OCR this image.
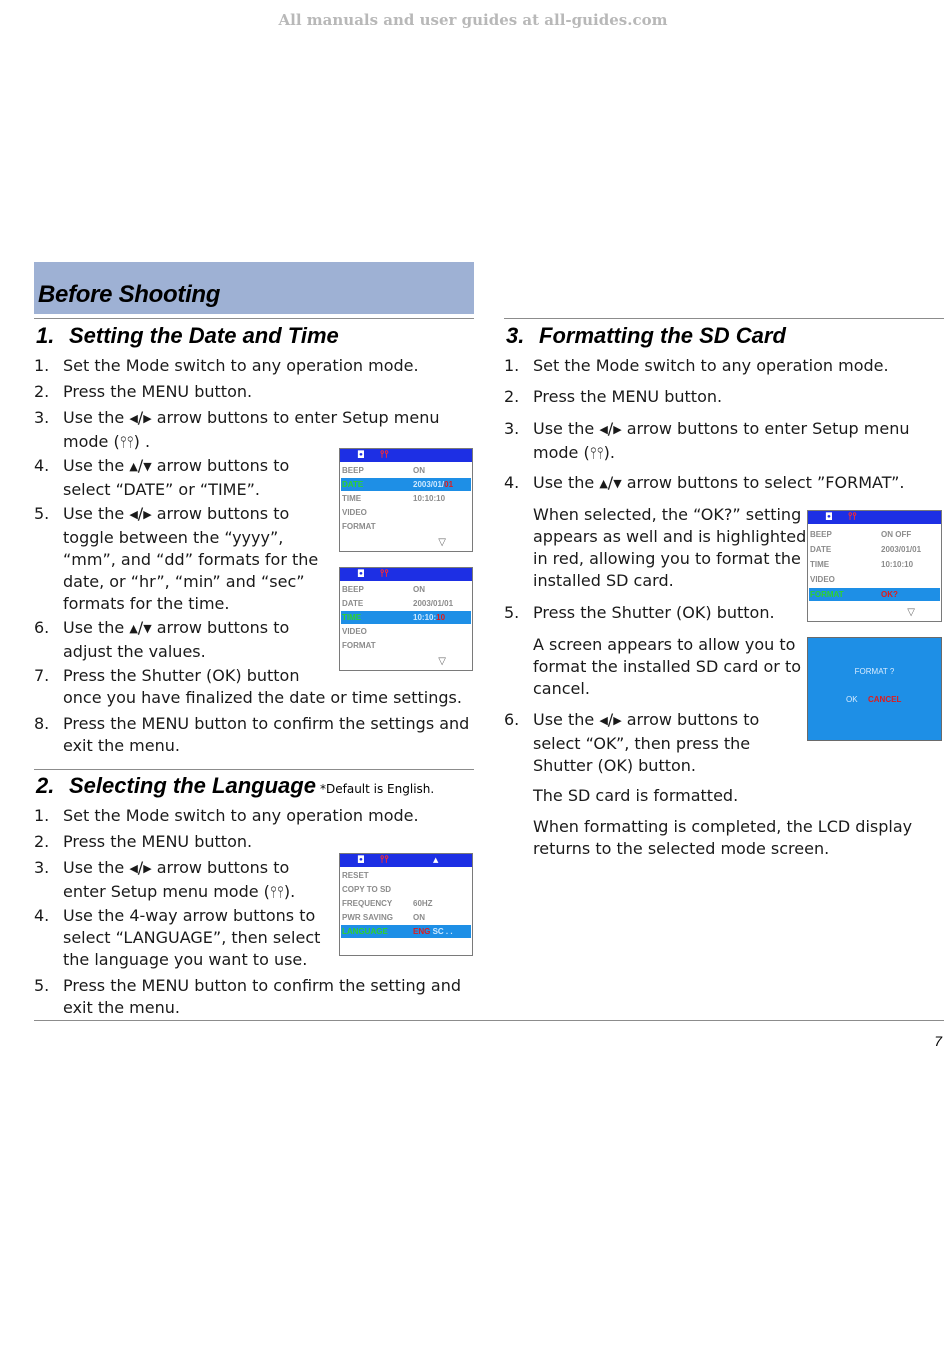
All manuals and user guides at all-guides.com
Before Shooting
1. Setting the Date and Time
1. Set the Mode switch to any operation mode.
2. Press the MENU button.
3. Use the ◀/▶ arrow buttons to enter Setup menu
mode (⫯⫯) .
4. Use the ▲/▼ arrow buttons to
select “DATE” or “TIME”.
5. Use the ◀/▶ arrow buttons to
toggle between the “yyyy”,
“mm”, and “dd” formats for the
date, or “hr”, “min” and “sec”
formats for the time.
6. Use the ▲/▼ arrow buttons to
adjust the values.
7. Press the Shutter (OK) button
once you have finalized the date or time settings.
8. Press the MENU button to confirm the settings and
exit the menu.
2. Selecting the Language *Default is English.
1. Set the Mode switch to any operation mode.
2. Press the MENU button.
3. Use the ◀/▶ arrow buttons to
enter Setup menu mode (⫯⫯).
4. Use the 4-way arrow buttons to
select “LANGUAGE”, then select
the language you want to use.
5. Press the MENU button to confirm the setting and
exit the menu.
3. Formatting the SD Card
1. Set the Mode switch to any operation mode.
2. Press the MENU button.
3. Use the ◀/▶ arrow buttons to enter Setup menu
mode (⫯⫯).
4. Use the ▲/▼ arrow buttons to select ”FORMAT”.
5. Press the Shutter (OK) button.
6. Use the ◀/▶ arrow buttons to
select “OK”, then press the
Shutter (OK) button.
When selected, the “OK?” setting
appears as well and is highlighted
in red, allowing you to format the
installed SD card.
A screen appears to allow you to
format the installed SD card or to
cancel.
The SD card is formatted.
When formatting is completed, the LCD display
returns to the selected mode screen.
◘ ⫯⫯
BEEP	ON
DATE	2003/01/01
TIME	10:10:10
VIDEO
FORMAT
▽
◘ ⫯⫯
BEEP	ON
DATE	2003/01/01
TIME	10:10:10
VIDEO
FORMAT
▽
◘ ⫯⫯	▲
RESET
COPY TO SD
FREQUENCY	60HZ
PWR SAVING	ON
LANGUAGE	ENG SC . .
◘ ⫯⫯
BEEP	ON OFF
DATE	2003/01/01
TIME	10:10:10
VIDEO
FORMAT	OK?
▽
FORMAT ?
OK CANCEL
7
